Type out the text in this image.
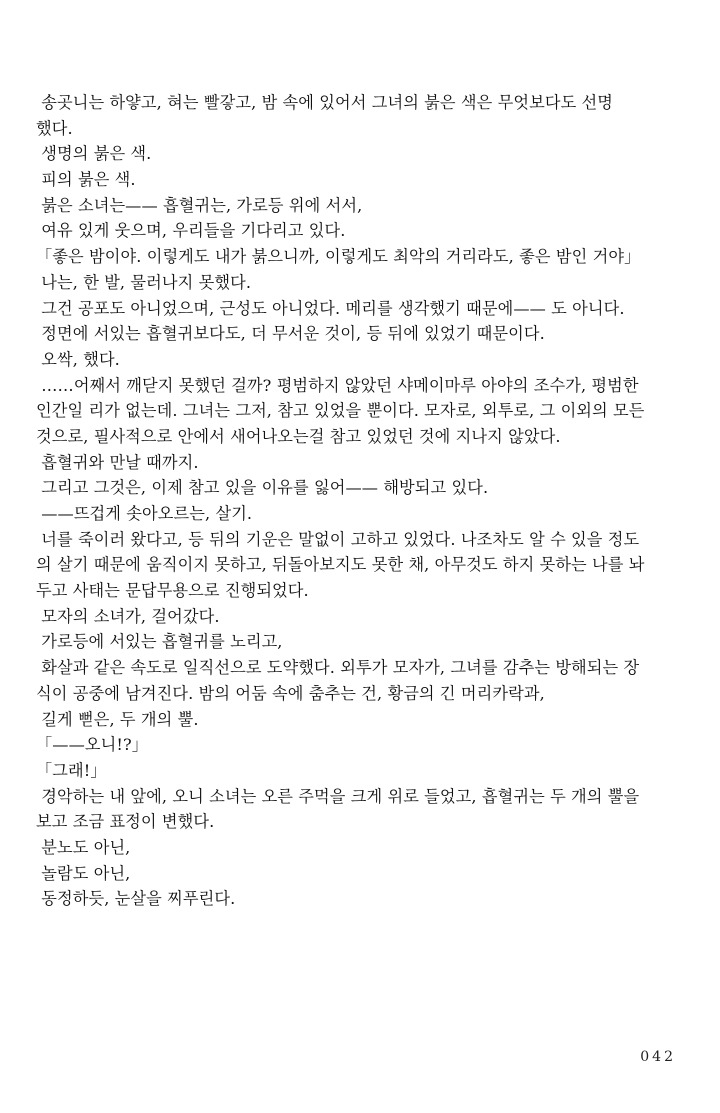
송곳니는 하얗고, 혀는 빨갛고, 밤 속에 있어서 그녀의 붉은 색은 무엇보다도 선명
했다.
생명의 붉은 색.
피의 붉은 색.
붉은 소녀는—— 흡혈귀는, 가로등 위에 서서,
여유 있게 웃으며, 우리들을 기다리고 있다.
「좋은 밤이야. 이렇게도 내가 붉으니까, 이렇게도 최악의 거리라도, 좋은 밤인 거야」
나는, 한 발, 물러나지 못했다.
그건 공포도 아니었으며, 근성도 아니었다. 메리를 생각했기 때문에—— 도 아니다.
정면에 서있는 흡혈귀보다도, 더 무서운 것이, 등 뒤에 있었기 때문이다.
오싹, 했다.
……어째서 깨닫지 못했던 걸까? 평범하지 않았던 샤메이마루 아야의 조수가, 평범한
인간일 리가 없는데. 그녀는 그저, 참고 있었을 뿐이다. 모자로, 외투로, 그 이외의 모든
것으로, 필사적으로 안에서 새어나오는걸 참고 있었던 것에 지나지 않았다.
흡혈귀와 만날 때까지.
그리고 그것은, 이제 참고 있을 이유를 잃어—— 해방되고 있다.
——뜨겁게 솟아오르는, 살기.
너를 죽이러 왔다고, 등 뒤의 기운은 말없이 고하고 있었다. 나조차도 알 수 있을 정도
의 살기 때문에 움직이지 못하고, 뒤돌아보지도 못한 채, 아무것도 하지 못하는 나를 놔
두고 사태는 문답무용으로 진행되었다.
모자의 소녀가, 걸어갔다.
가로등에 서있는 흡혈귀를 노리고,
화살과 같은 속도로 일직선으로 도약했다. 외투가 모자가, 그녀를 감추는 방해되는 장
식이 공중에 남겨진다. 밤의 어둠 속에 춤추는 건, 황금의 긴 머리카락과,
길게 뻗은, 두 개의 뿔.
「——오니!?」
「그래!」
경악하는 내 앞에, 오니 소녀는 오른 주먹을 크게 위로 들었고, 흡혈귀는 두 개의 뿔을
보고 조금 표정이 변했다.
분노도 아닌,
놀람도 아닌,
동정하듯, 눈살을 찌푸린다.
042
